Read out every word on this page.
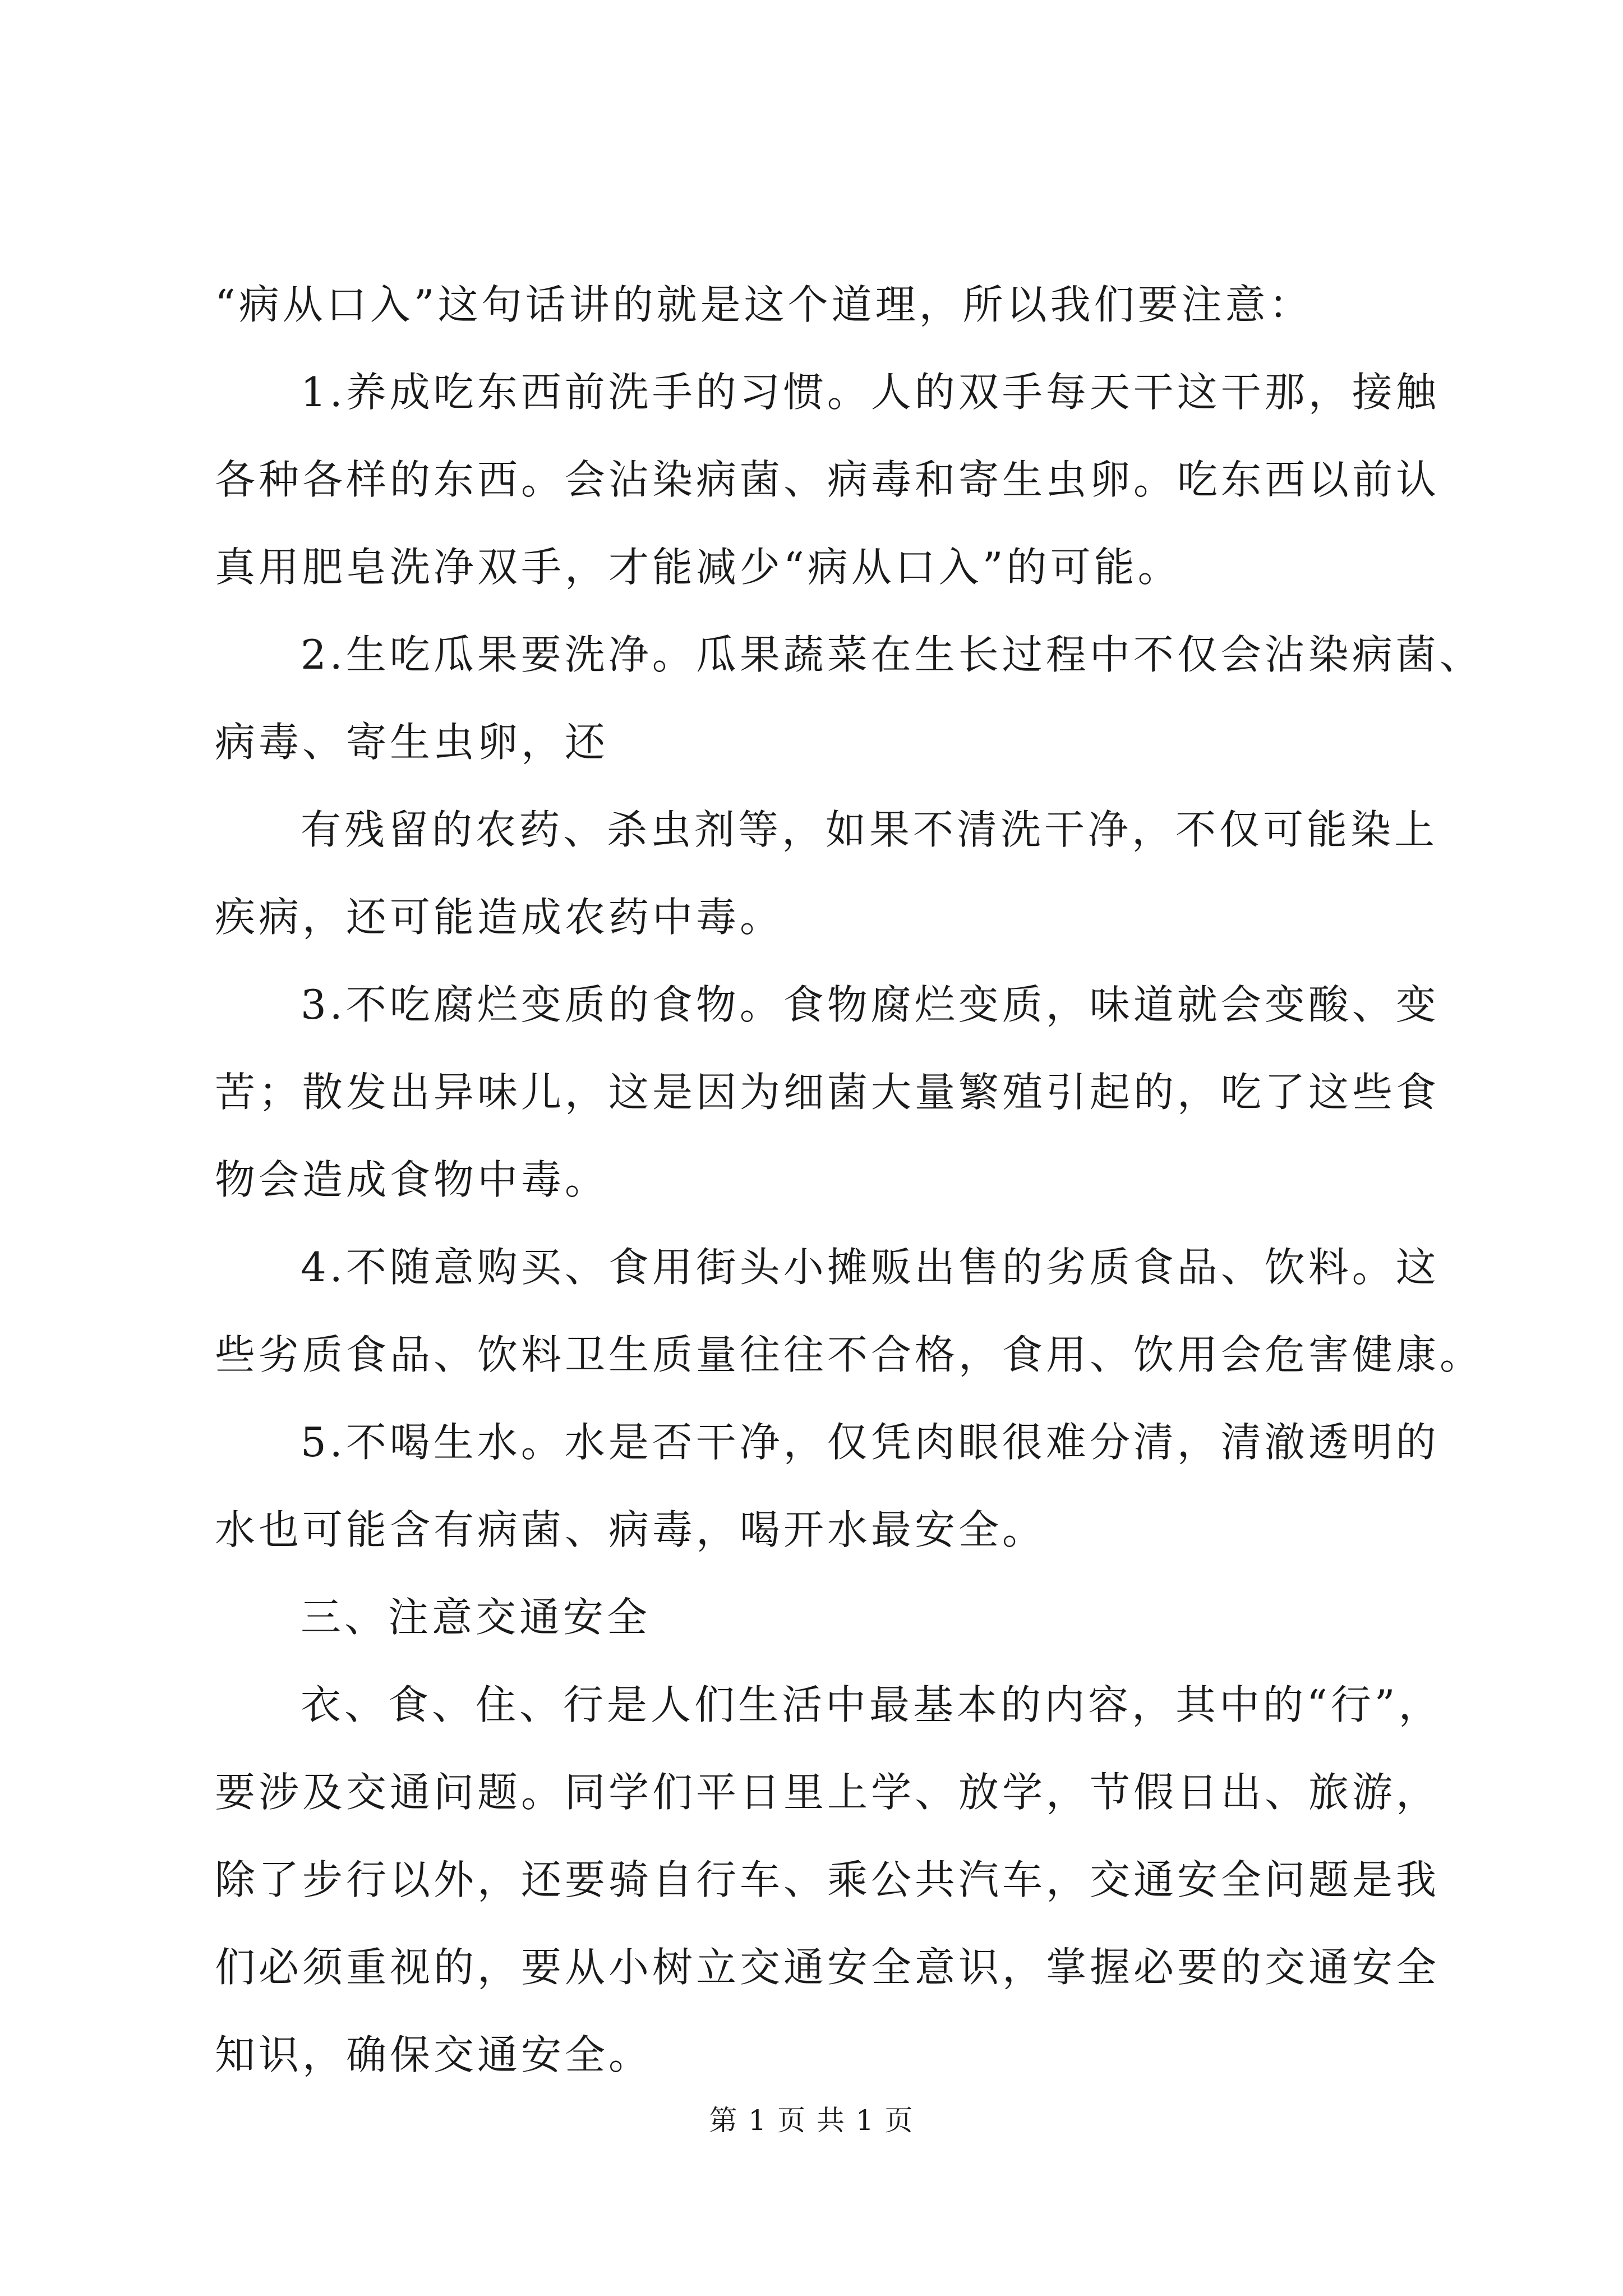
“病从口入”这句话讲的就是这个道理，所以我们要注意：
1.养成吃东西前洗手的习惯。人的双手每天干这干那，接触
各种各样的东西。会沾染病菌、病毒和寄生虫卵。吃东西以前认
真用肥皂洗净双手，才能减少“病从口入”的可能。
2.生吃瓜果要洗净。瓜果蔬菜在生长过程中不仅会沾染病菌、
病毒、寄生虫卵，还
有残留的农药、杀虫剂等，如果不清洗干净，不仅可能染上
疾病，还可能造成农药中毒。
3.不吃腐烂变质的食物。食物腐烂变质，味道就会变酸、变
苦；散发出异味儿，这是因为细菌大量繁殖引起的，吃了这些食
物会造成食物中毒。
4.不随意购买、食用街头小摊贩出售的劣质食品、饮料。这
些劣质食品、饮料卫生质量往往不合格，食用、饮用会危害健康。
5.不喝生水。水是否干净，仅凭肉眼很难分清，清澈透明的
水也可能含有病菌、病毒，喝开水最安全。
三、注意交通安全
衣、食、住、行是人们生活中最基本的内容，其中的“行”，
要涉及交通问题。同学们平日里上学、放学，节假日出、旅游，
除了步行以外，还要骑自行车、乘公共汽车，交通安全问题是我
们必须重视的，要从小树立交通安全意识，掌握必要的交通安全
知识，确保交通安全。
第 1 页 共 1 页
